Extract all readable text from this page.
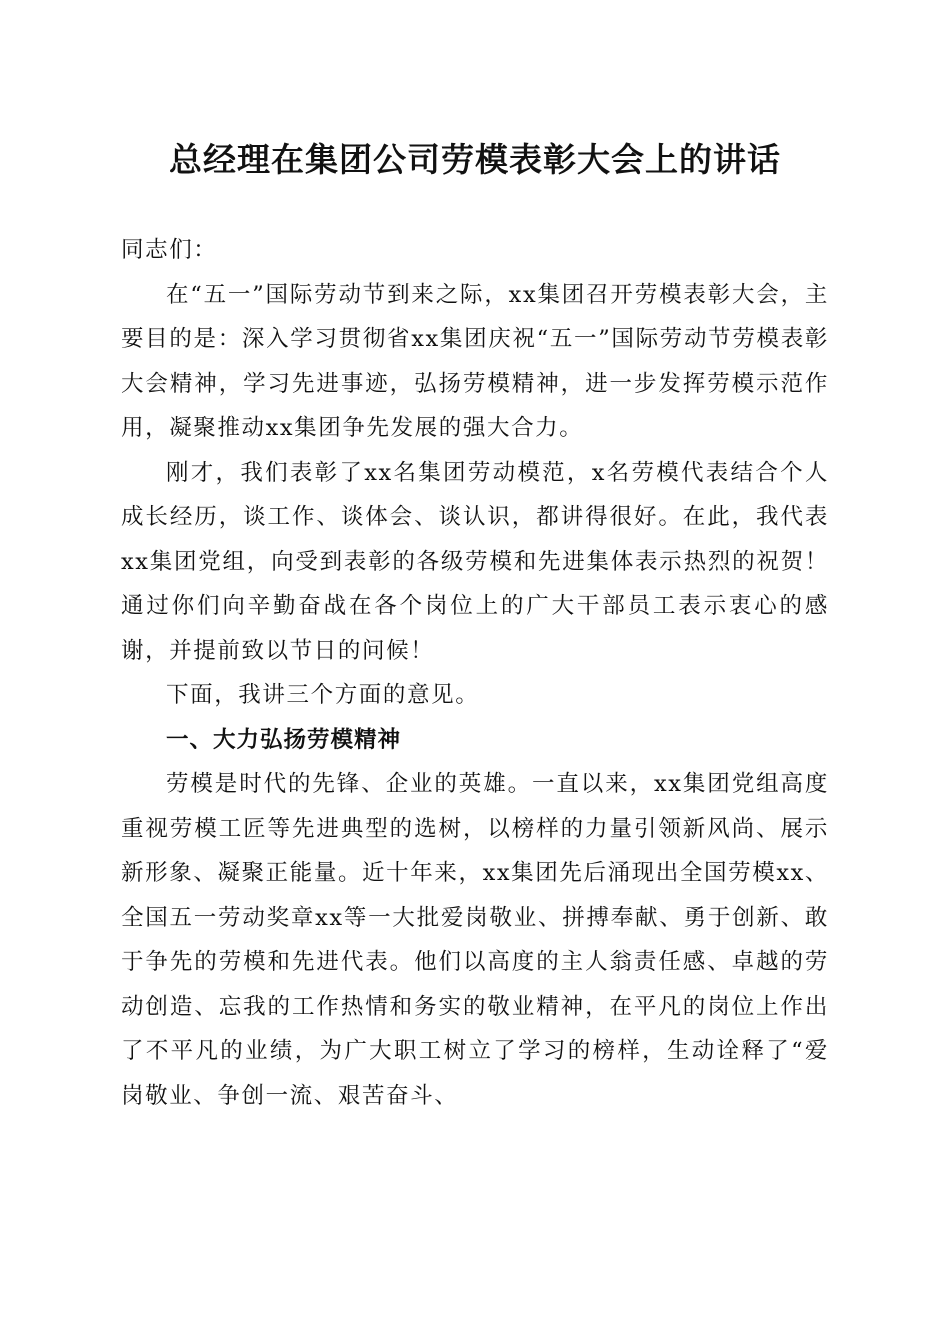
总经理在集团公司劳模表彰大会上的讲话

同志们：

在“五一”国际劳动节到来之际，xx集团召开劳模表彰大会，主要目的是：深入学习贯彻省xx集团庆祝“五一”国际劳动节劳模表彰大会精神，学习先进事迹，弘扬劳模精神，进一步发挥劳模示范作用，凝聚推动xx集团争先发展的强大合力。

刚才，我们表彰了xx名集团劳动模范，x名劳模代表结合个人成长经历，谈工作、谈体会、谈认识，都讲得很好。在此，我代表xx集团党组，向受到表彰的各级劳模和先进集体表示热烈的祝贺！通过你们向辛勤奋战在各个岗位上的广大干部员工表示衷心的感谢，并提前致以节日的问候！

下面，我讲三个方面的意见。

一、大力弘扬劳模精神

劳模是时代的先锋、企业的英雄。一直以来，xx集团党组高度重视劳模工匠等先进典型的选树，以榜样的力量引领新风尚、展示新形象、凝聚正能量。近十年来，xx集团先后涌现出全国劳模xx、全国五一劳动奖章xx等一大批爱岗敬业、拼搏奉献、勇于创新、敢于争先的劳模和先进代表。他们以高度的主人翁责任感、卓越的劳动创造、忘我的工作热情和务实的敬业精神，在平凡的岗位上作出了不平凡的业绩，为广大职工树立了学习的榜样，生动诠释了“爱岗敬业、争创一流、艰苦奋斗、
